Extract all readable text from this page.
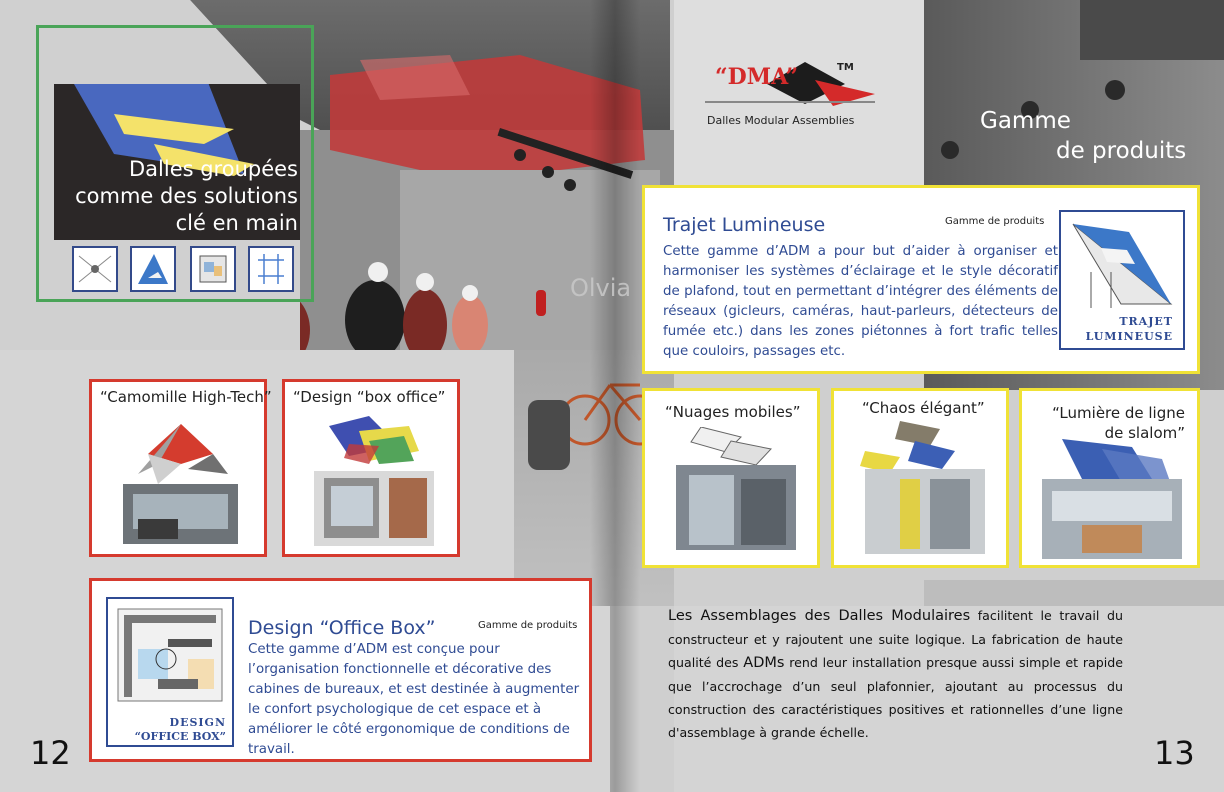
Dalles groupées
comme des solutions
clé en main
“Camomille High-Tech” “Design “box office”
DESIGN
“OFFICE BOX”
Design “Office Box”	Gamme de produits
Cette gamme d’ADM est conçue pour l’organisation fonctionnelle et décorative des cabines de bureaux, et est destinée à augmenter le confort psychologique de cet espace et à améliorer le côté ergonomique de conditions de travail.
12
“DMA”	TM
Dalles Modular Assemblies	Gamme
de produits
Olvia
Trajet Lumineuse	Gamme de produits
Cette gamme d’ADM a pour but d’aider à organiser et harmoniser les systèmes d’éclairage et le style décoratif de plafond, tout en permettant d’intégrer des éléments de réseaux (gicleurs, caméras, haut-parleurs, détecteurs de fumée etc.) dans les zones piétonnes à fort trafic telles que couloirs, passages etc.
TRAJET
LUMINEUSE
“Nuages mobiles”	“Chaos élégant”	“Lumière de ligne
de slalom”
Les Assemblages des Dalles Modulaires facilitent le travail du constructeur et y rajoutent une suite logique. La fabrication de haute qualité des ADMs rend leur installation presque aussi simple et rapide que l’accrochage d’un seul plafonnier, ajoutant au processus du construction des caractéristiques positives et rationnelles d’une ligne d'assemblage à grande échelle.
13
